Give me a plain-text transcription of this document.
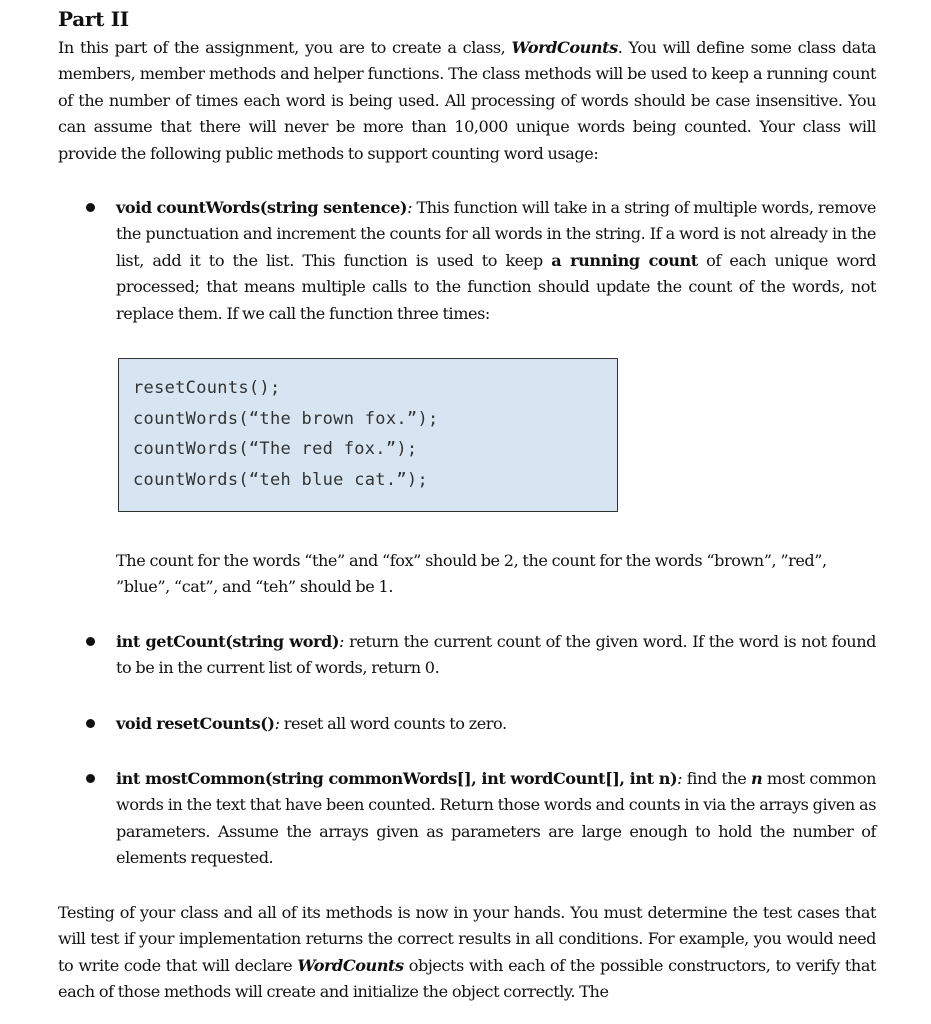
Part II

In this part of the assignment, you are to create a class, WordCounts. You will define some class data members, member methods and helper functions. The class methods will be used to keep a running count of the number of times each word is being used. All processing of words should be case insensitive. You can assume that there will never be more than 10,000 unique words being counted. Your class will provide the following public methods to support counting word usage:

void countWords(string sentence): This function will take in a string of multiple words, remove the punctuation and increment the counts for all words in the string. If a word is not already in the list, add it to the list. This function is used to keep a running count of each unique word processed; that means multiple calls to the function should update the count of the words, not replace them. If we call the function three times:

resetCounts();
countWords(“the brown fox.”);
countWords(“The red fox.”);
countWords(“teh blue cat.”);

The count for the words “the” and “fox” should be 2, the count for the words “brown”, ”red”, ”blue”, “cat”, and “teh” should be 1.

int getCount(string word): return the current count of the given word. If the word is not found to be in the current list of words, return 0.

void resetCounts(): reset all word counts to zero.

int mostCommon(string commonWords[], int wordCount[], int n): find the n most common words in the text that have been counted. Return those words and counts in via the arrays given as parameters. Assume the arrays given as parameters are large enough to hold the number of elements requested.

Testing of your class and all of its methods is now in your hands. You must determine the test cases that will test if your implementation returns the correct results in all conditions. For example, you would need to write code that will declare WordCounts objects with each of the possible constructors, to verify that each of those methods will create and initialize the object correctly. The
